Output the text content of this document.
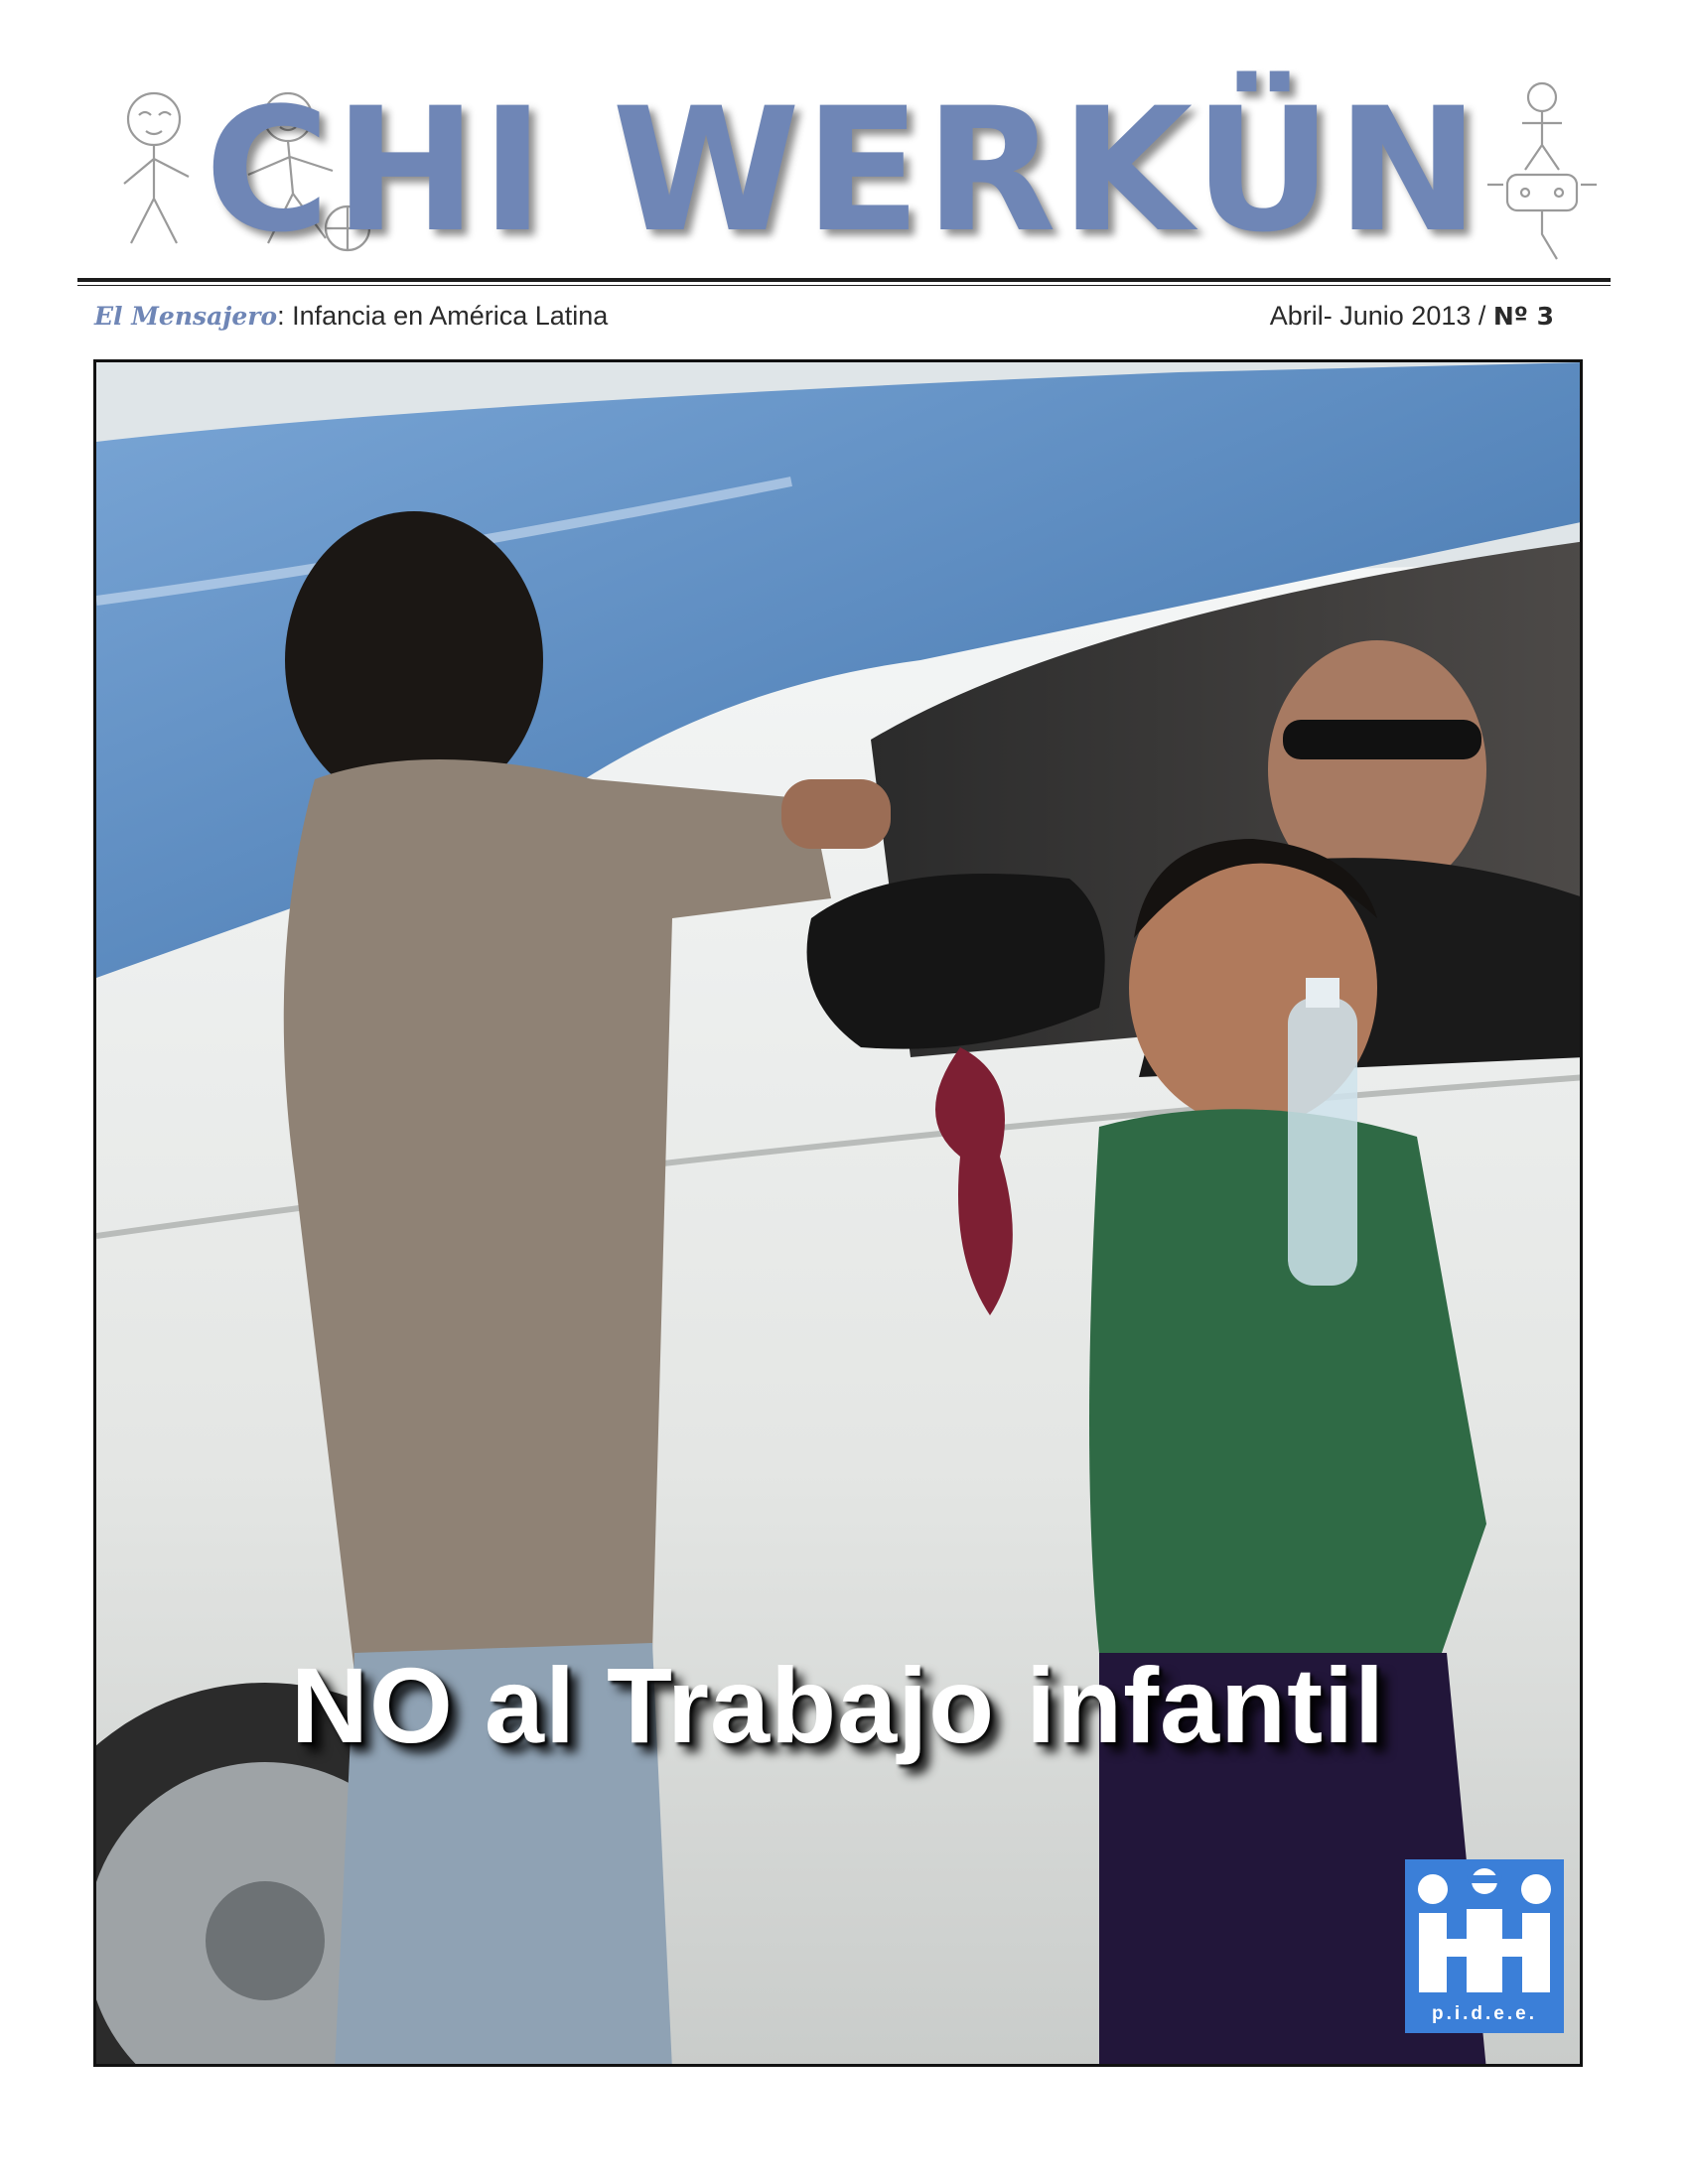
CHI WERKÜN
El Mensajero: Infancia en América Latina	Abril- Junio 2013 / Nº 3
NO al Trabajo infantil
p.i.d.e.e.
